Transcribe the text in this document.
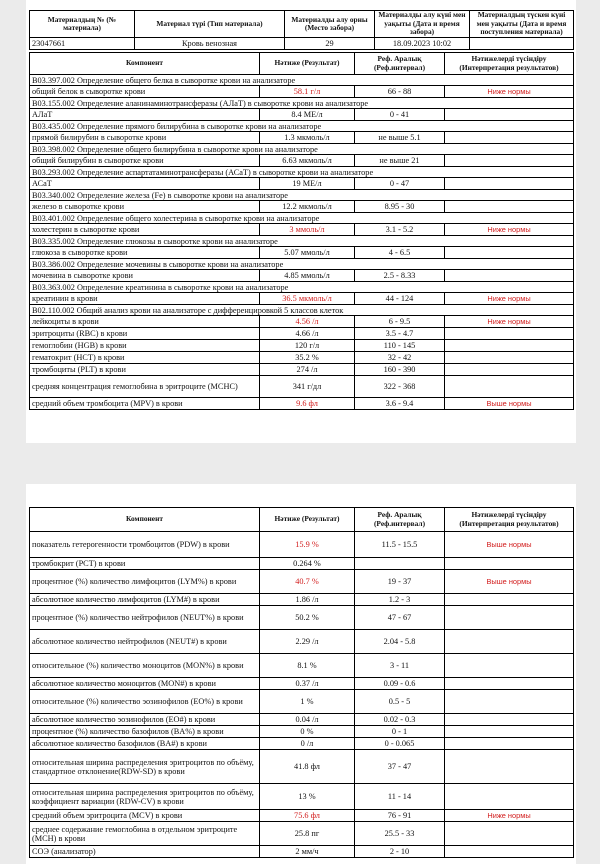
Материалдың № (№ материала)	Материал түрі (Тип материала)	Материалды алу орны (Место забора)	Материалды алу күні мен уақыты (Дата и время забора)	Материалдың түскен күні мен уақыты (Дата и время поступления материала)
23047661	Кровь венозная	29	18.09.2023 10:02	
Компонент	Нәтиже (Результат)	Реф. Аралық (Реф.интервал)	Нәтижелерді түсіндіру (Интерпретация результатов)
B03.397.002 Определение общего белка в сыворотке крови на анализаторе			
общий белок в сыворотке крови	58.1 г/л	66 - 88	Ниже нормы
B03.155.002 Определение аланинаминотрансферазы (АЛаТ) в сыворотке крови на анализаторе			
АЛаТ	8.4 МЕ/л	0 - 41	
B03.435.002 Определение прямого билирубина в сыворотке крови на анализаторе			
прямой билирубин в сыворотке крови	1.3 мкмоль/л	не выше 5.1	
B03.398.002 Определение общего билирубина в сыворотке крови на анализаторе			
общий билирубин в сыворотке крови	6.63 мкмоль/л	не выше 21	
B03.293.002 Определение аспартатаминотрансферазы (АСаТ) в сыворотке крови на анализаторе			
АСаТ	19 МЕ/л	0 - 47	
B03.340.002 Определение железа (Fe) в сыворотке крови на анализаторе			
железо в сыворотке крови	12.2 мкмоль/л	8.95 - 30	
B03.401.002 Определение общего холестерина в сыворотке крови на анализаторе			
холестерин в сыворотке крови	3 ммоль/л	3.1 - 5.2	Ниже нормы
B03.335.002 Определение глюкозы в сыворотке крови на анализаторе			
глюкоза в сыворотке крови	5.07 ммоль/л	4 - 6.5	
B03.386.002 Определение мочевины в сыворотке крови на анализаторе			
мочевина в сыворотке крови	4.85 ммоль/л	2.5 - 8.33	
B03.363.002 Определение креатинина в сыворотке крови на анализаторе			
креатинин в крови	36.5 мкмоль/л	44 - 124	Ниже нормы
B02.110.002 Общий анализ крови на анализаторе с дифференцировкой 5 классов клеток			
лейкоциты в крови	4.56 /л	6 - 9.5	Ниже нормы
эритроциты (RBC) в крови	4.66 /л	3.5 - 4.7	
гемоглобин (HGB) в крови	120 г/л	110 - 145	
гематокрит (HCT) в крови	35.2 %	32 - 42	
тромбоциты (PLT) в крови	274 /л	160 - 390	
средняя концентрация гемоглобина в эритроците (MCHC)	341 г/дл	322 - 368	
средний объем тромбоцита (MPV) в крови	9.6 фл	3.6 - 9.4	Выше нормы
Компонент	Нәтиже (Результат)	Реф. Аралық (Реф.интервал)	Нәтижелерді түсіндіру (Интерпретация результатов)
показатель гетерогенности тромбоцитов (PDW) в крови	15.9 %	11.5 - 15.5	Выше нормы
тромбокрит (PCT) в крови	0.264 %		
процентное (%) количество лимфоцитов (LYM%) в крови	40.7 %	19 - 37	Выше нормы
абсолютное количество лимфоцитов (LYM#) в крови	1.86 /л	1.2 - 3	
процентное (%) количество нейтрофилов (NEUT%) в крови	50.2 %	47 - 67	
абсолютное количество нейтрофилов (NEUT#) в крови	2.29 /л	2.04 - 5.8	
относительное (%) количество моноцитов (MON%) в крови	8.1 %	3 - 11	
абсолютное количество моноцитов (MON#) в крови	0.37 /л	0.09 - 0.6	
относительное (%) количество эозинофилов (EO%) в крови	1 %	0.5 - 5	
абсолютное количество эозинофилов (EO#) в крови	0.04 /л	0.02 - 0.3	
процентное (%) количество базофилов (BA%) в крови	0 %	0 - 1	
абсолютное количество базофилов (BA#) в крови	0 /л	0 - 0.065	
относительная ширина распределения эритроцитов по объёму, стандартное отклонение(RDW-SD) в крови	41.8 фл	37 - 47	
относительная ширина распределения эритроцитов по объёму, коэффициент вариации (RDW-CV) в крови	13 %	11 - 14	
средний объем эритроцита (MCV) в крови	75.6 фл	76 - 91	Ниже нормы
среднее содержание гемоглобина в отдельном эритроците (MCH) в крови	25.8 пг	25.5 - 33	
СОЭ (анализатор)	2 мм/ч	2 - 10	
